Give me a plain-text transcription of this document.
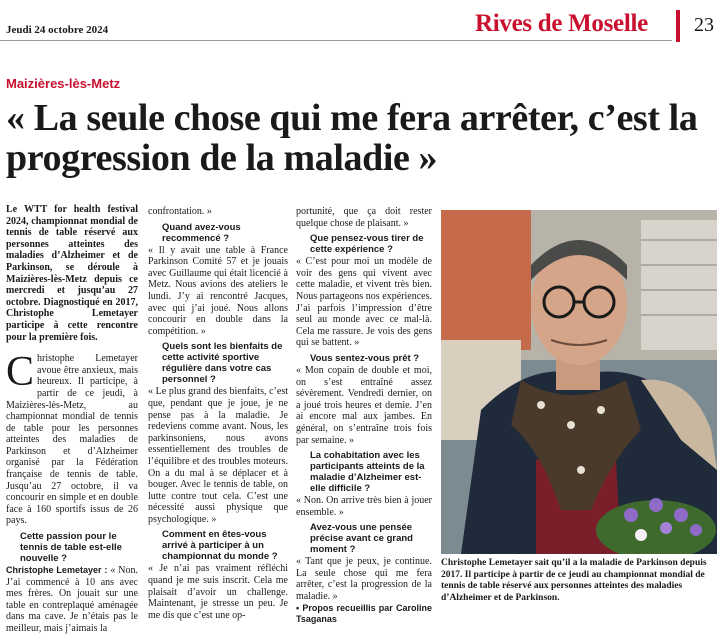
Jeudi 24 octobre 2024	Rives de Moselle 23
Maizières-lès-Metz
« La seule chose qui me fera arrêter, c’est la progression de la maladie »

Le WTT for health festival 2024, championnat mondial de tennis de table réservé aux personnes atteintes des maladies d’Alzheimer et de Parkinson, se déroule à Maizières-lès-Metz depuis ce mercredi et jusqu’au 27 octobre. Diagnostiqué en 2017, Christophe Lemetayer participe à cette rencontre pour la première fois.

Christophe Lemetayer avoue être anxieux, mais heureux. Il participe, à partir de ce jeudi, à Maizières-lès-Metz, au championnat mondial de tennis de table pour les personnes atteintes des maladies de Parkinson et d’Alzheimer organisé par la Fédération française de tennis de table. Jusqu’au 27 octobre, il va concourir en simple et en double face à 160 sportifs issus de 26 pays.

Cette passion pour le tennis de table est-elle nouvelle ?

Christophe Lemetayer : « Non. J’ai commencé à 10 ans avec mes frères. On jouait sur une table en contreplaqué aménagée dans ma cave. Je n’étais pas le meilleur, mais j’aimais la

confrontation. »

Quand avez-vous recommencé ?

« Il y avait une table à France Parkinson Comité 57 et je jouais avec Guillaume qui était licencié à Metz. Nous avions des ateliers le lundi. J’y ai rencontré Jacques, avec qui j’ai joué. Nous allons concourir en double dans la compétition. »

Quels sont les bienfaits de cette activité sportive régulière dans votre cas personnel ?

« Le plus grand des bienfaits, c’est que, pendant que je joue, je ne pense pas à la maladie. Je redeviens comme avant. Nous, les parkinsoniens, nous avons essentiellement des troubles de l’équilibre et des troubles moteurs. On a du mal à se déplacer et à bouger. Avec le tennis de table, on lutte contre tout cela. C’est une nécessité aussi physique que psychologique. »

Comment en êtes-vous arrivé à participer à un championnat du monde ?

« Je n’ai pas vraiment réfléchi quand je me suis inscrit. Cela me plaisait d’avoir un challenge. Maintenant, je stresse un peu. Je me dis que c’est une op-

portunité, que ça doit rester quelque chose de plaisant. »

Que pensez-vous tirer de cette expérience ?

« C’est pour moi un modèle de voir des gens qui vivent avec cette maladie, et vivent très bien. Nous partageons nos expériences. J’ai parfois l’impression d’être seul au monde avec ce mal-là. Cela me rassure. Je vois des gens qui se battent. »

Vous sentez-vous prêt ?

« Mon copain de double et moi, on s’est entraîné assez sévèrement. Vendredi dernier, on a joué trois heures et demie. J’en ai encore mal aux jambes. En général, on s’entraîne trois fois par semaine. »

La cohabitation avec les participants atteints de la maladie d’Alzheimer est-elle difficile ?

« Non. On arrive très bien à jouer ensemble. »

Avez-vous une pensée précise avant ce grand moment ?

« Tant que je peux, je continue. La seule chose qui me fera arrêter, c’est la progression de la maladie. »

• Propos recueillis par Caroline Tsaganas

Christophe Lemetayer sait qu’il a la maladie de Parkinson depuis 2017. Il participe à partir de ce jeudi au championnat mondial de tennis de table réservé aux personnes atteintes des maladies d’Alzheimer et de Parkinson.
